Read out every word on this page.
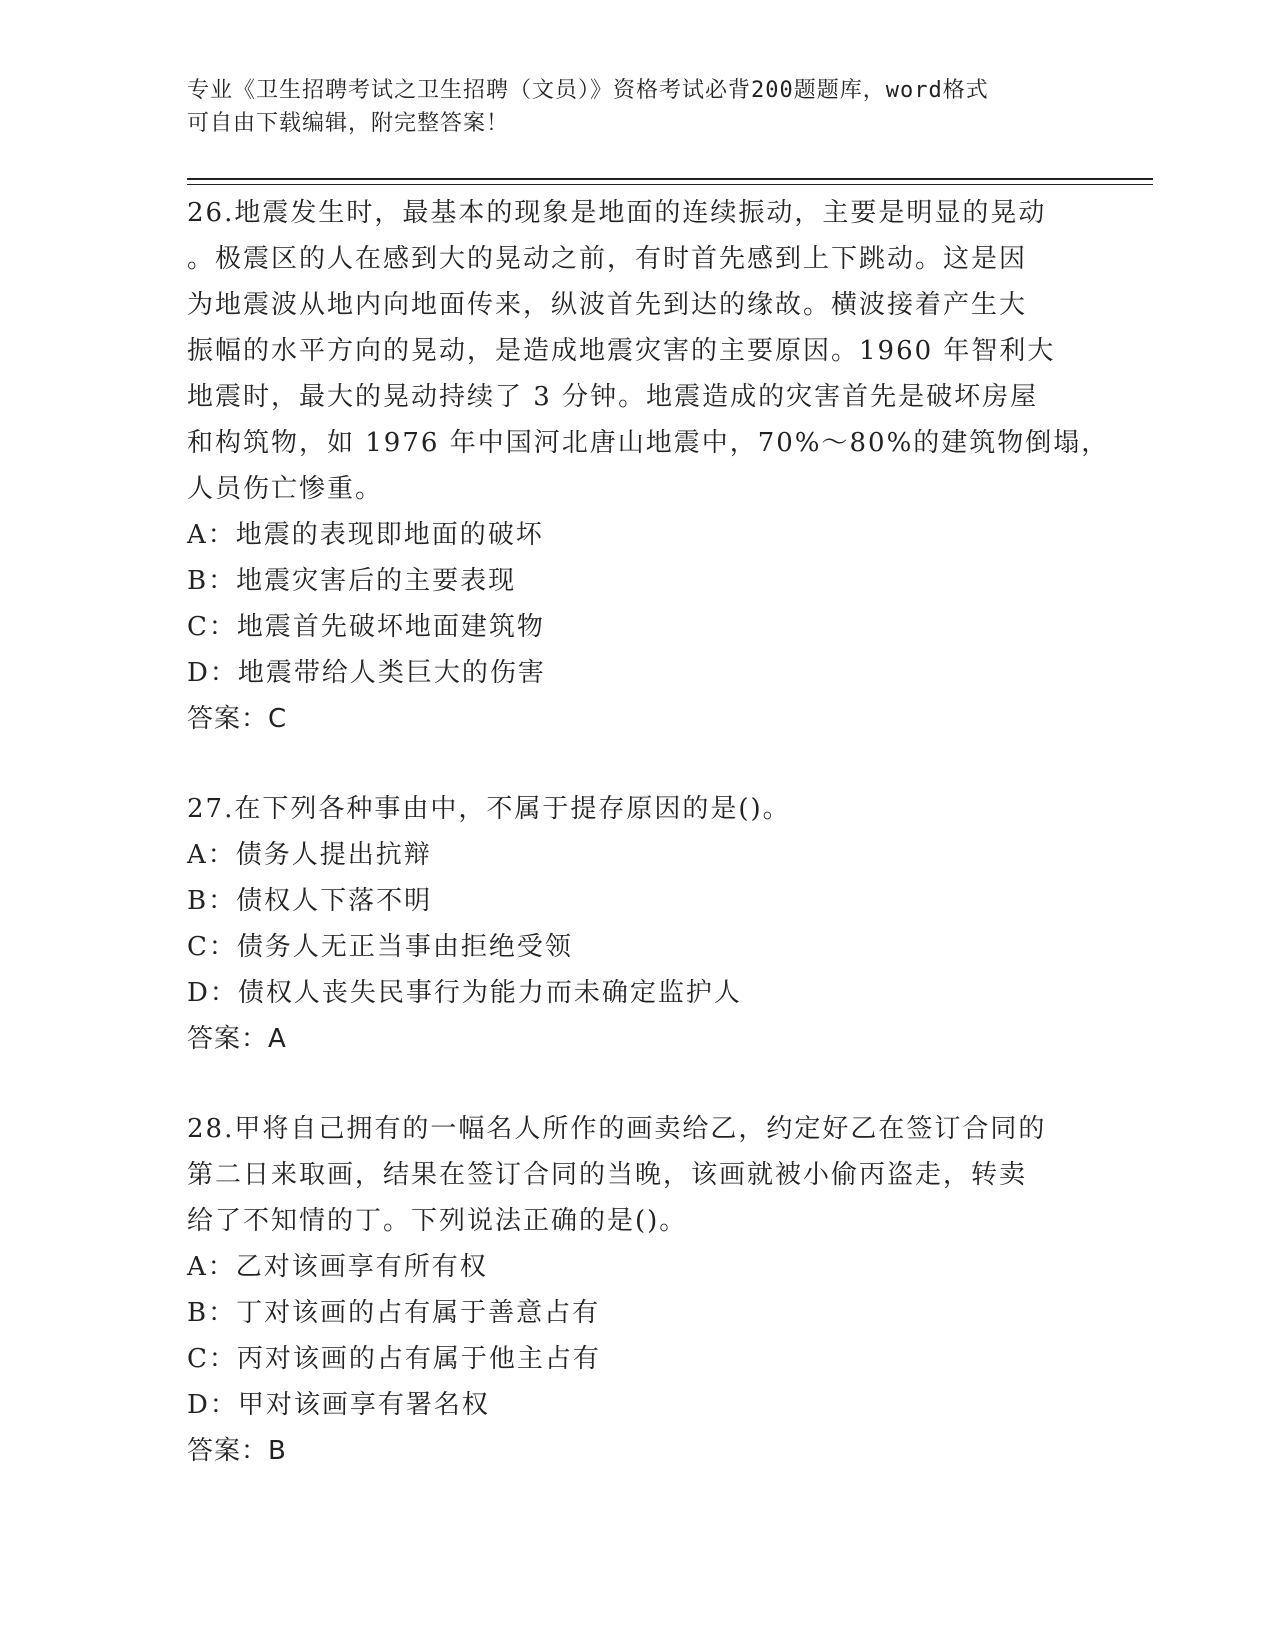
专业《卫生招聘考试之卫生招聘（文员）》资格考试必背200题题库，word格式
可自由下载编辑，附完整答案！
26.地震发生时，最基本的现象是地面的连续振动，主要是明显的晃动
。极震区的人在感到大的晃动之前，有时首先感到上下跳动。这是因
为地震波从地内向地面传来，纵波首先到达的缘故。横波接着产生大
振幅的水平方向的晃动，是造成地震灾害的主要原因。1960 年智利大
地震时，最大的晃动持续了 3 分钟。地震造成的灾害首先是破坏房屋
和构筑物，如 1976 年中国河北唐山地震中，70%～80%的建筑物倒塌，
人员伤亡惨重。
A：地震的表现即地面的破坏
B：地震灾害后的主要表现
C：地震首先破坏地面建筑物
D：地震带给人类巨大的伤害
答案：C
27.在下列各种事由中，不属于提存原因的是()。
A：债务人提出抗辩
B：债权人下落不明
C：债务人无正当事由拒绝受领
D：债权人丧失民事行为能力而未确定监护人
答案：A
28.甲将自己拥有的一幅名人所作的画卖给乙，约定好乙在签订合同的
第二日来取画，结果在签订合同的当晚，该画就被小偷丙盗走，转卖
给了不知情的丁。下列说法正确的是()。
A：乙对该画享有所有权
B：丁对该画的占有属于善意占有
C：丙对该画的占有属于他主占有
D：甲对该画享有署名权
答案：B
